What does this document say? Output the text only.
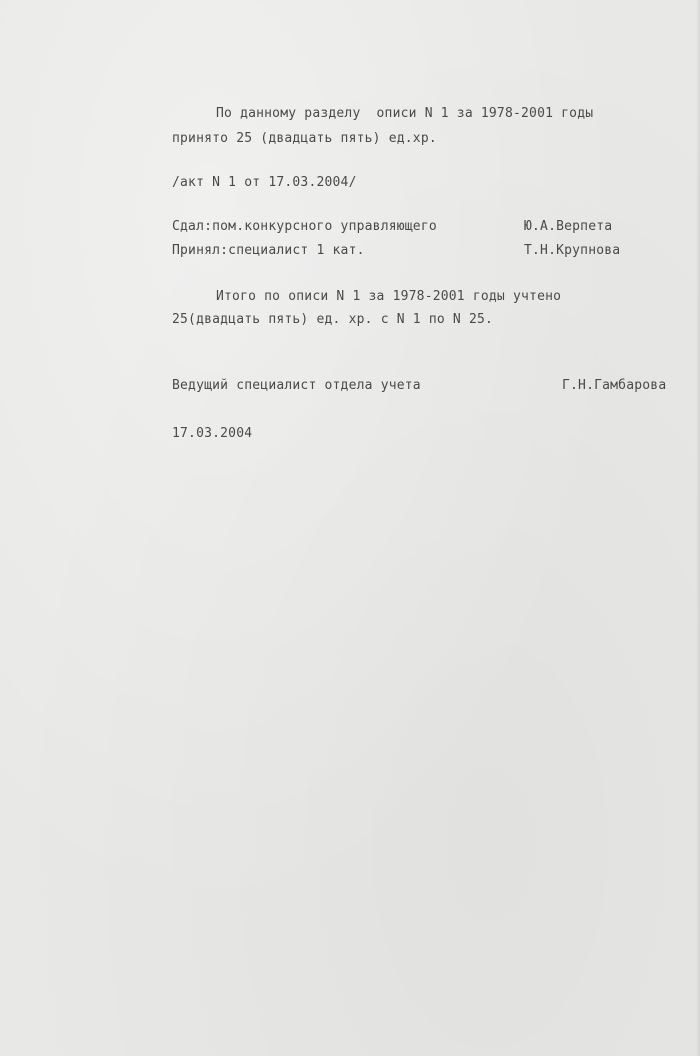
По данному разделу  описи N 1 за 1978-2001 годы
принято 25 (двадцать пять) ед.хр.
/акт N 1 от 17.03.2004/
Сдал:пом.конкурсного управляющего	Ю.А.Верпета
Принял:специалист 1 кат.	Т.Н.Крупнова
Итого по описи N 1 за 1978-2001 годы учтено
25(двадцать пять) ед. хр. с N 1 по N 25.
Ведущий специалист отдела учета	Г.Н.Гамбарова
17.03.2004
